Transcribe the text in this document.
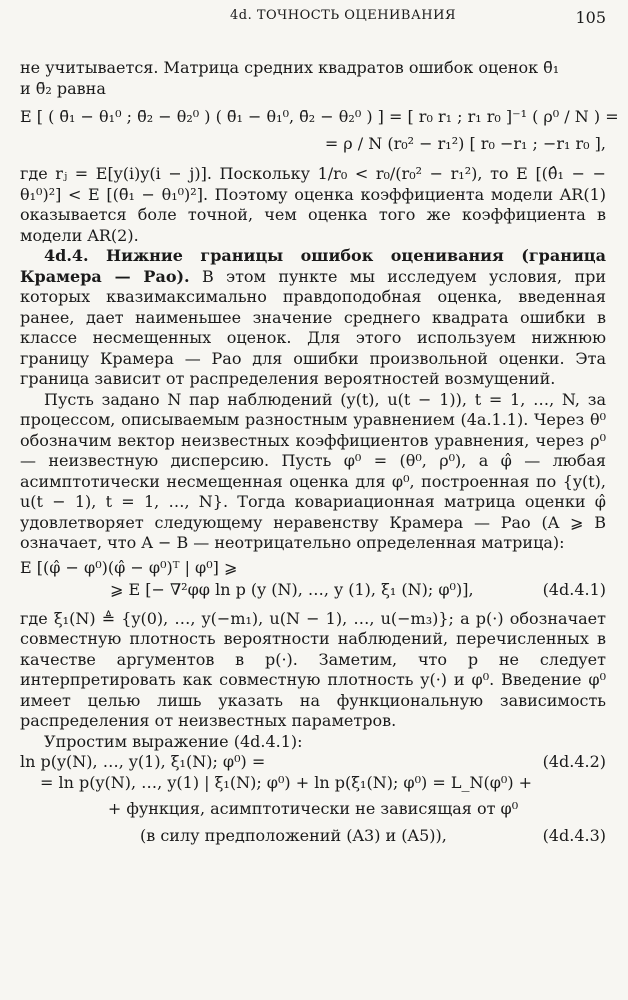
4d. ТОЧНОСТЬ ОЦЕНИВАНИЯ	105

не учитывается. Матрица средних квадратов ошибок оценок θ̄₁

и θ̄₂ равна

E [ ( θ̄₁ − θ₁⁰ ; θ̄₂ − θ₂⁰ ) ( θ̄₁ − θ₁⁰, θ̄₂ − θ₂⁰ ) ] = [ r₀ r₁ ; r₁ r₀ ]⁻¹ ( ρ⁰ / N ) =
= ρ / N (r₀² − r₁²) [ r₀ −r₁ ; −r₁ r₀ ],

где rⱼ = E[y(i)y(i − j)]. Поскольку 1/r₀ < r₀/(r₀² − r₁²), то E [(θ̂₁ − − θ₁⁰)²] < E [(θ̄₁ − θ₁⁰)²]. Поэтому оценка коэффициента модели AR(1) оказывается боле точной, чем оценка того же коэффициента в модели AR(2).

4d.4. Нижние границы ошибок оценивания (граница Крамера — Рао). В этом пункте мы исследуем условия, при которых квазимаксимально правдоподобная оценка, введенная ранее, дает наименьшее значение среднего квадрата ошибки в классе несмещенных оценок. Для этого используем нижнюю границу Крамера — Рао для ошибки произвольной оценки. Эта граница зависит от распределения вероятностей возмущений.

Пусть задано N пар наблюдений (y(t), u(t − 1)), t = 1, …, N, за процессом, описываемым разностным уравнением (4a.1.1). Через θ⁰ обозначим вектор неизвестных коэффициентов уравнения, через ρ⁰ — неизвестную дисперсию. Пусть φ⁰ = (θ⁰, ρ⁰), а φ̂ — любая асимптотически несмещенная оценка для φ⁰, построенная по {y(t), u(t − 1), t = 1, …, N}. Тогда ковариационная матрица оценки φ̂ удовлетворяет следующему неравенству Крамера — Рао (A ⩾ B означает, что A − B — неотрицательно определенная матрица):

E [(φ̂ − φ⁰)(φ̂ − φ⁰)ᵀ | φ⁰] ⩾
⩾ E [− ∇²φφ ln p (y (N), …, y (1), ξ₁ (N); φ⁰)],	(4d.4.1)

где ξ₁(N) ≜ {y(0), …, y(−m₁), u(N − 1), …, u(−m₃)}; а p(·) обозначает совместную плотность вероятности наблюдений, перечисленных в качестве аргументов в p(·). Заметим, что p не следует интерпретировать как совместную плотность y(·) и φ⁰. Введение φ⁰ имеет целью лишь указать на функциональную зависимость распределения от неизвестных параметров.

Упростим выражение (4d.4.1):

ln p(y(N), …, y(1), ξ₁(N); φ⁰) =	(4d.4.2)
= ln p(y(N), …, y(1) | ξ₁(N); φ⁰) + ln p(ξ₁(N); φ⁰) = L_N(φ⁰) +
+ функция, асимптотически не зависящая от φ⁰
(в силу предположений (A3) и (A5)),	(4d.4.3)
